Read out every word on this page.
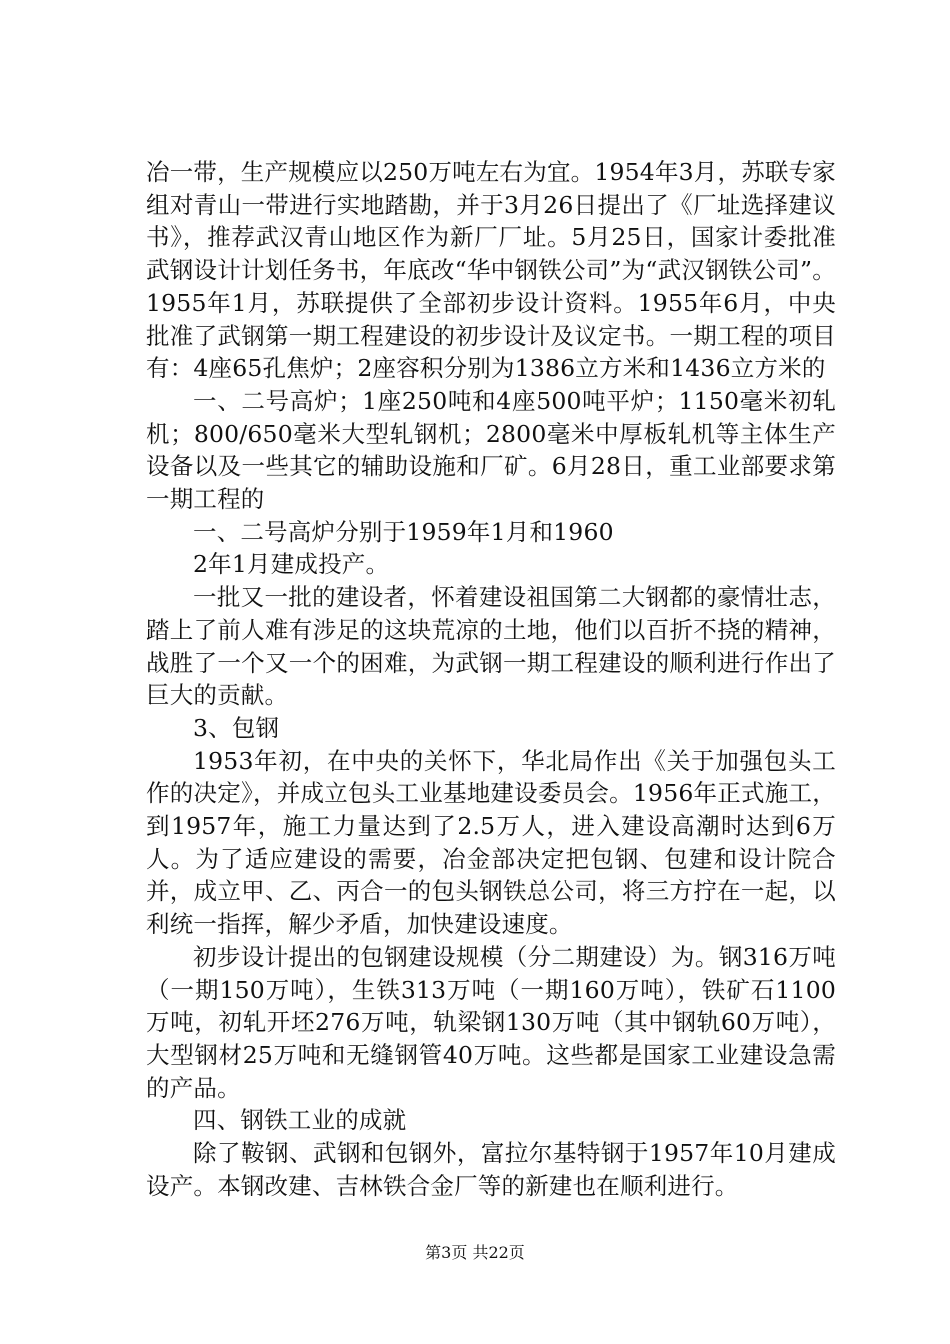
冶一带，生产规模应以250万吨左右为宜。1954年3月，苏联专家组对青山一带进行实地踏勘，并于3月26日提出了《厂址选择建议书》，推荐武汉青山地区作为新厂厂址。5月25日，国家计委批准武钢设计计划任务书，年底改“华中钢铁公司”为“武汉钢铁公司”。1955年1月，苏联提供了全部初步设计资料。1955年6月，中央批准了武钢第一期工程建设的初步设计及议定书。一期工程的项目有：4座65孔焦炉；2座容积分别为1386立方米和1436立方米的

一、二号高炉；1座250吨和4座500吨平炉；1150毫米初轧机；800/650毫米大型轧钢机；2800毫米中厚板轧机等主体生产设备以及一些其它的辅助设施和厂矿。6月28日，重工业部要求第一期工程的

一、二号高炉分别于1959年1月和1960

2年1月建成投产。

一批又一批的建设者，怀着建设祖国第二大钢都的豪情壮志，踏上了前人难有涉足的这块荒凉的土地，他们以百折不挠的精神，战胜了一个又一个的困难，为武钢一期工程建设的顺利进行作出了巨大的贡献。

3、包钢

1953年初，在中央的关怀下，华北局作出《关于加强包头工作的决定》，并成立包头工业基地建设委员会。1956年正式施工，到1957年，施工力量达到了2.5万人，进入建设高潮时达到6万人。为了适应建设的需要，冶金部决定把包钢、包建和设计院合并，成立甲、乙、丙合一的包头钢铁总公司，将三方拧在一起，以利统一指挥，解少矛盾，加快建设速度。

初步设计提出的包钢建设规模（分二期建设）为。钢316万吨（一期150万吨），生铁313万吨（一期160万吨），铁矿石1100万吨，初轧开坯276万吨，轨梁钢130万吨（其中钢轨60万吨），大型钢材25万吨和无缝钢管40万吨。这些都是国家工业建设急需的产品。

四、钢铁工业的成就

除了鞍钢、武钢和包钢外，富拉尔基特钢于1957年10月建成设产。本钢改建、吉林铁合金厂等的新建也在顺利进行。

第3页 共22页
